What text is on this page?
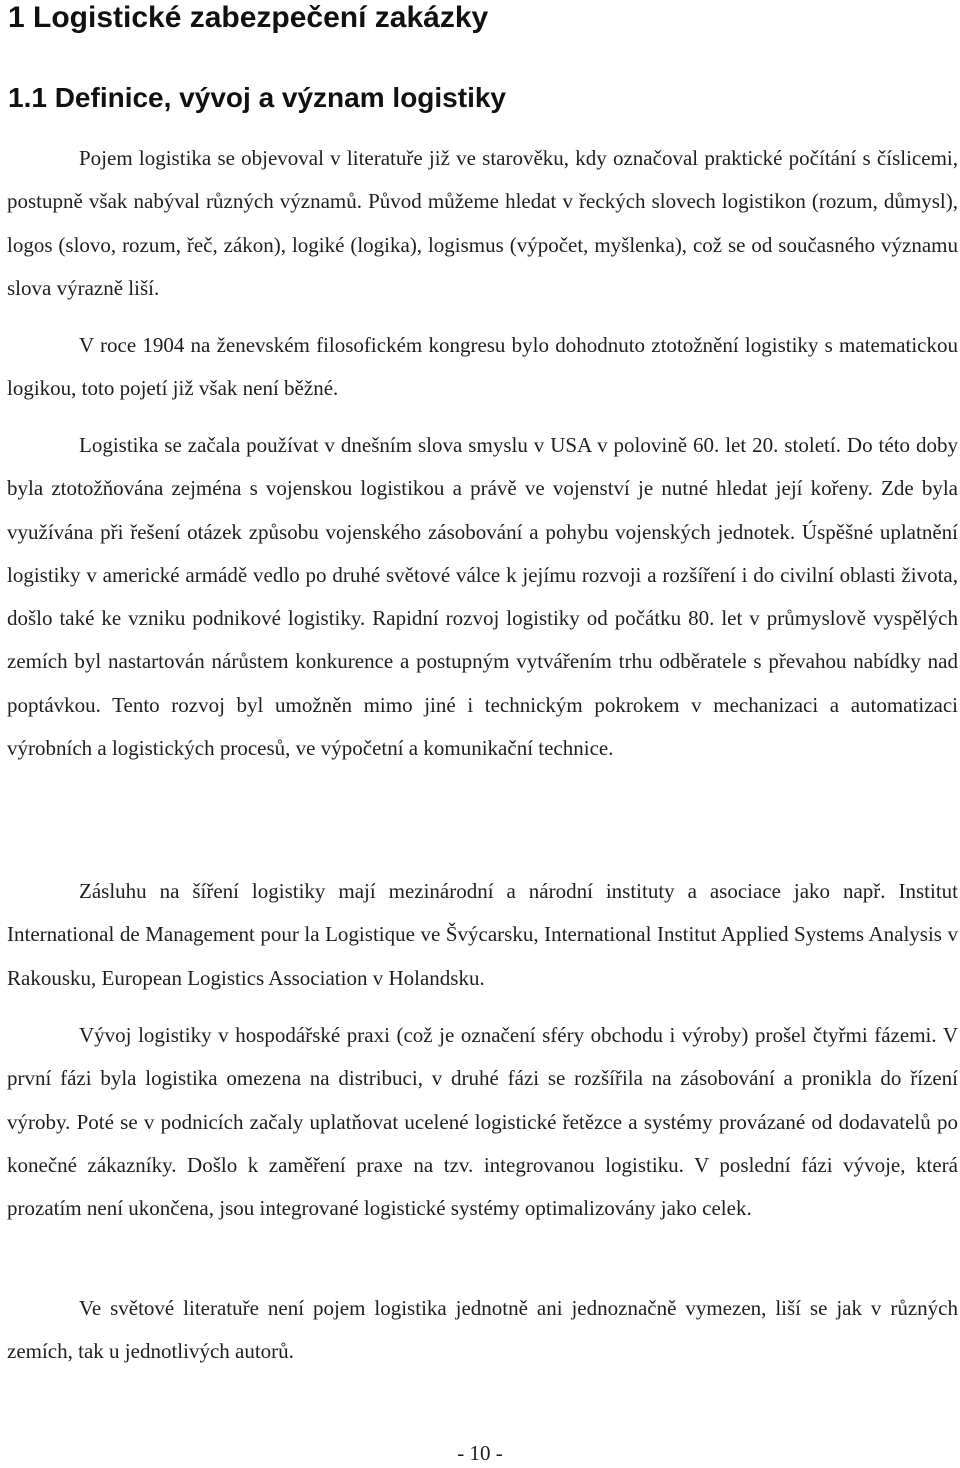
1 Logistické zabezpečení zakázky
1.1 Definice, vývoj a význam logistiky

Pojem logistika se objevoval v literatuře již ve starověku, kdy označoval praktické počítání s číslicemi, postupně však nabýval různých významů. Původ můžeme hledat v řeckých slovech logistikon (rozum, důmysl), logos (slovo, rozum, řeč, zákon), logiké (logika), logismus (výpočet, myšlenka), což se od současného významu slova výrazně liší.

V roce 1904 na ženevském filosofickém kongresu bylo dohodnuto ztotožnění logistiky s matematickou logikou, toto pojetí již však není běžné.

Logistika se začala používat v dnešním slova smyslu v USA v polovině 60. let 20. století. Do této doby byla ztotožňována zejména s vojenskou logistikou a právě ve vojenství je nutné hledat její kořeny. Zde byla využívána při řešení otázek způsobu vojenského zásobování a pohybu vojenských jednotek. Úspěšné uplatnění logistiky v americké armádě vedlo po druhé světové válce k jejímu rozvoji a rozšíření i do civilní oblasti života, došlo také ke vzniku podnikové logistiky. Rapidní rozvoj logistiky od počátku 80. let v průmyslově vyspělých zemích byl nastartován nárůstem konkurence a postupným vytvářením trhu odběratele s převahou nabídky nad poptávkou. Tento rozvoj byl umožněn mimo jiné i technickým pokrokem v mechanizaci a automatizaci výrobních a logistických procesů, ve výpočetní a komunikační technice.

Zásluhu na šíření logistiky mají mezinárodní a národní instituty a asociace jako např. Institut International de Management pour la Logistique ve Švýcarsku, International Institut Applied Systems Analysis v Rakousku, European Logistics Association v Holandsku.

Vývoj logistiky v hospodářské praxi (což je označení sféry obchodu i výroby) prošel čtyřmi fázemi. V první fázi byla logistika omezena na distribuci, v druhé fázi se rozšířila na zásobování a pronikla do řízení výroby. Poté se v podnicích začaly uplatňovat ucelené logistické řetězce a systémy provázané od dodavatelů po konečné zákazníky. Došlo k zaměření praxe na tzv. integrovanou logistiku. V poslední fázi vývoje, která prozatím není ukončena, jsou integrované logistické systémy optimalizovány jako celek.

Ve světové literatuře není pojem logistika jednotně ani jednoznačně vymezen, liší se jak v různých zemích, tak u jednotlivých autorů.

- 10 -
